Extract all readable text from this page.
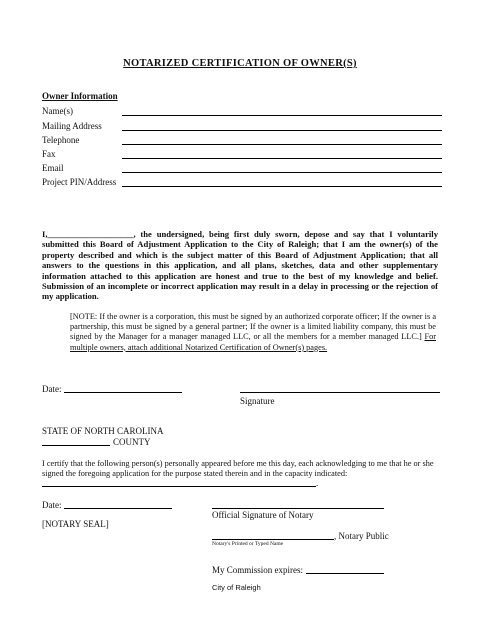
NOTARIZED CERTIFICATION OF OWNER(S)
Owner Information
Name(s)
Mailing Address
Telephone
Fax
Email
Project PIN/Address
I,____________________, the undersigned, being first duly sworn, depose and say that I voluntarily submitted this Board of Adjustment Application to the City of Raleigh; that I am the owner(s) of the property described and which is the subject matter of this Board of Adjustment Application; that all answers to the questions in this application, and all plans, sketches, data and other supplementary information attached to this application are honest and true to the best of my knowledge and belief. Submission of an incomplete or incorrect application may result in a delay in processing or the rejection of my application.
[NOTE: If the owner is a corporation, this must be signed by an authorized corporate officer; If the owner is a partnership, this must be signed by a general partner; If the owner is a limited liability company, this must be signed by the Manager for a manager managed LLC, or all the members for a member managed LLC.] For multiple owners, attach additional Notarized Certification of Owner(s) pages.
Date:
Signature
STATE OF NORTH CAROLINA
COUNTY
I certify that the following person(s) personally appeared before me this day, each acknowledging to me that he or she signed the foregoing application for the purpose stated therein and in the capacity indicated:
.
Date:
Official Signature of Notary
[NOTARY SEAL]
, Notary Public
Notary's Printed or Typed Name
My Commission expires:
City of Raleigh
